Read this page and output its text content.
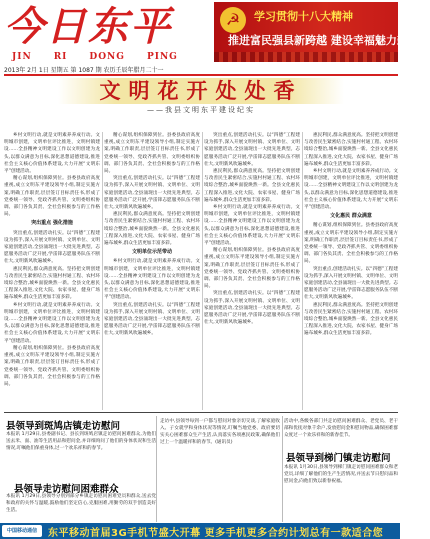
今日东平
JIN RI DONG PING
2013年 2月 1日 星期五 第 1087 期 农历壬辰年腊月二十一
☭	学习贯彻十八大精神
推进富民强县新跨越 建设幸福魅力新东平
文明花开处处香
——我县文明东平建设纪实

乡村文明行动,就是文明素养养成行动。文明城市创建，文明单位评比推进，文明村镇建设……全县精神文明建设工作以文明创建为龙头,以群众满意为目标,深化思想道德建设,推进社会主义核心价值体系建设,大力开展“文明东平”创建活动。

精心谋划,组织保障到位。县委县政府高度重视,成立文明东平建设领导小组,制定实施方案,明确工作职责,层层签订目标责任书,形成了党委统一领导、党政齐抓共管、文明委组织协调、部门各负其责、全社会积极参与的工作格局。

突出重点 强化措施

突出重点,创建活动扎实。以“四德”工程建设为抓手,深入开展文明村镇、文明单位、文明家庭创建活动,全县涌现出一大批先进典型。志愿服务活动广泛开展,学雷锋志愿服务队伍不断壮大,文明新风吹遍城乡。

惠民利民,群众满意度高。坚持把文明创建与改善民生紧密结合,实施村村通工程、农村环境综合整治,城乡面貌焕然一新。全县文化惠民工程深入推进,文化大院、农家书屋、健身广场遍布城乡,群众生活更加丰富多彩。

乡村文明行动,就是文明素养养成行动。文明城市创建，文明单位评比推进，文明村镇建设……全县精神文明建设工作以文明创建为龙头,以群众满意为目标,深化思想道德建设,推进社会主义核心价值体系建设,大力开展“文明东平”创建活动。

精心谋划,组织保障到位。县委县政府高度重视,成立文明东平建设领导小组,制定实施方案,明确工作职责,层层签订目标责任书,形成了党委统一领导、党政齐抓共管、文明委组织协调、部门各负其责、全社会积极参与的工作格局。

精心谋划,组织保障到位。县委县政府高度重视,成立文明东平建设领导小组,制定实施方案,明确工作职责,层层签订目标责任书,形成了党委统一领导、党政齐抓共管、文明委组织协调、部门各负其责、全社会积极参与的工作格局。

突出重点,创建活动扎实。以“四德”工程建设为抓手,深入开展文明村镇、文明单位、文明家庭创建活动,全县涌现出一大批先进典型。志愿服务活动广泛开展,学雷锋志愿服务队伍不断壮大,文明新风吹遍城乡。

惠民利民,群众满意度高。坚持把文明创建与改善民生紧密结合,实施村村通工程、农村环境综合整治,城乡面貌焕然一新。全县文化惠民工程深入推进,文化大院、农家书屋、健身广场遍布城乡,群众生活更加丰富多彩。

文明单位示范带动

乡村文明行动,就是文明素养养成行动。文明城市创建，文明单位评比推进，文明村镇建设……全县精神文明建设工作以文明创建为龙头,以群众满意为目标,深化思想道德建设,推进社会主义核心价值体系建设,大力开展“文明东平”创建活动。

突出重点,创建活动扎实。以“四德”工程建设为抓手,深入开展文明村镇、文明单位、文明家庭创建活动,全县涌现出一大批先进典型。志愿服务活动广泛开展,学雷锋志愿服务队伍不断壮大,文明新风吹遍城乡。

突出重点,创建活动扎实。以“四德”工程建设为抓手,深入开展文明村镇、文明单位、文明家庭创建活动,全县涌现出一大批先进典型。志愿服务活动广泛开展,学雷锋志愿服务队伍不断壮大,文明新风吹遍城乡。

惠民利民,群众满意度高。坚持把文明创建与改善民生紧密结合,实施村村通工程、农村环境综合整治,城乡面貌焕然一新。全县文化惠民工程深入推进,文化大院、农家书屋、健身广场遍布城乡,群众生活更加丰富多彩。

乡村文明行动,就是文明素养养成行动。文明城市创建，文明单位评比推进，文明村镇建设……全县精神文明建设工作以文明创建为龙头,以群众满意为目标,深化思想道德建设,推进社会主义核心价值体系建设,大力开展“文明东平”创建活动。

精心谋划,组织保障到位。县委县政府高度重视,成立文明东平建设领导小组,制定实施方案,明确工作职责,层层签订目标责任书,形成了党委统一领导、党政齐抓共管、文明委组织协调、部门各负其责、全社会积极参与的工作格局。

突出重点,创建活动扎实。以“四德”工程建设为抓手,深入开展文明村镇、文明单位、文明家庭创建活动,全县涌现出一大批先进典型。志愿服务活动广泛开展,学雷锋志愿服务队伍不断壮大,文明新风吹遍城乡。

惠民利民,群众满意度高。坚持把文明创建与改善民生紧密结合,实施村村通工程、农村环境综合整治,城乡面貌焕然一新。全县文化惠民工程深入推进,文化大院、农家书屋、健身广场遍布城乡,群众生活更加丰富多彩。

乡村文明行动,就是文明素养养成行动。文明城市创建，文明单位评比推进，文明村镇建设……全县精神文明建设工作以文明创建为龙头,以群众满意为目标,深化思想道德建设,推进社会主义核心价值体系建设,大力开展“文明东平”创建活动。

文化惠民 群众满意

精心谋划,组织保障到位。县委县政府高度重视,成立文明东平建设领导小组,制定实施方案,明确工作职责,层层签订目标责任书,形成了党委统一领导、党政齐抓共管、文明委组织协调、部门各负其责、全社会积极参与的工作格局。

突出重点,创建活动扎实。以“四德”工程建设为抓手,深入开展文明村镇、文明单位、文明家庭创建活动,全县涌现出一大批先进典型。志愿服务活动广泛开展,学雷锋志愿服务队伍不断壮大,文明新风吹遍城乡。

惠民利民,群众满意度高。坚持把文明创建与改善民生紧密结合,实施村村通工程、农村环境综合整治,城乡面貌焕然一新。全县文化惠民工程深入推进,文化大院、农家书屋、健身广场遍布城乡,群众生活更加丰富多彩。

县领导到斑鸠店镇走访慰问
本报讯 1月29日,县委副书记、县长到斑鸠店镇走访慰问困难群众,为他们送去米、面、油等生活用品和慰问金,并详细询问了他们的身体状况和生活情况,叮嘱他们保重身体,过一个欢乐祥和的春节。
县领导走访慰问困难群众
本报讯 1月29日,县领导分别到部分乡镇走访慰问困难党员和群众,送去党和政府的关怀与温暖,鼓励他们坚定信心,克服困难,用勤劳的双手创造美好生活。
走访中,县领导每到一户都与慰问对象亲切交谈,了解家庭收入、子女就学和身体状况等情况,叮嘱当地党委、政府要切实关心困难群众生产生活,认真落实各项惠民政策,确保他们过上一个温暖祥和的春节。(通讯员)
活动中,各级各部门共走访慰问困难群众、老党员、老干部和优抚对象千余户,发放慰问金和慰问物品,确保困难群众度过一个欢乐祥和的新春佳节。
县领导到梯门镇走访慰问
本报讯 1月30日,县领导到梯门镇走访慰问困难群众和老党员,详细了解他们的生产生活情况,并送去节日慰问品和慰问金,向他们致以新春祝福。
中国移动通信	东平移动首届3G手机节盛大开幕 更多手机更多合约计划总有一款适合您
